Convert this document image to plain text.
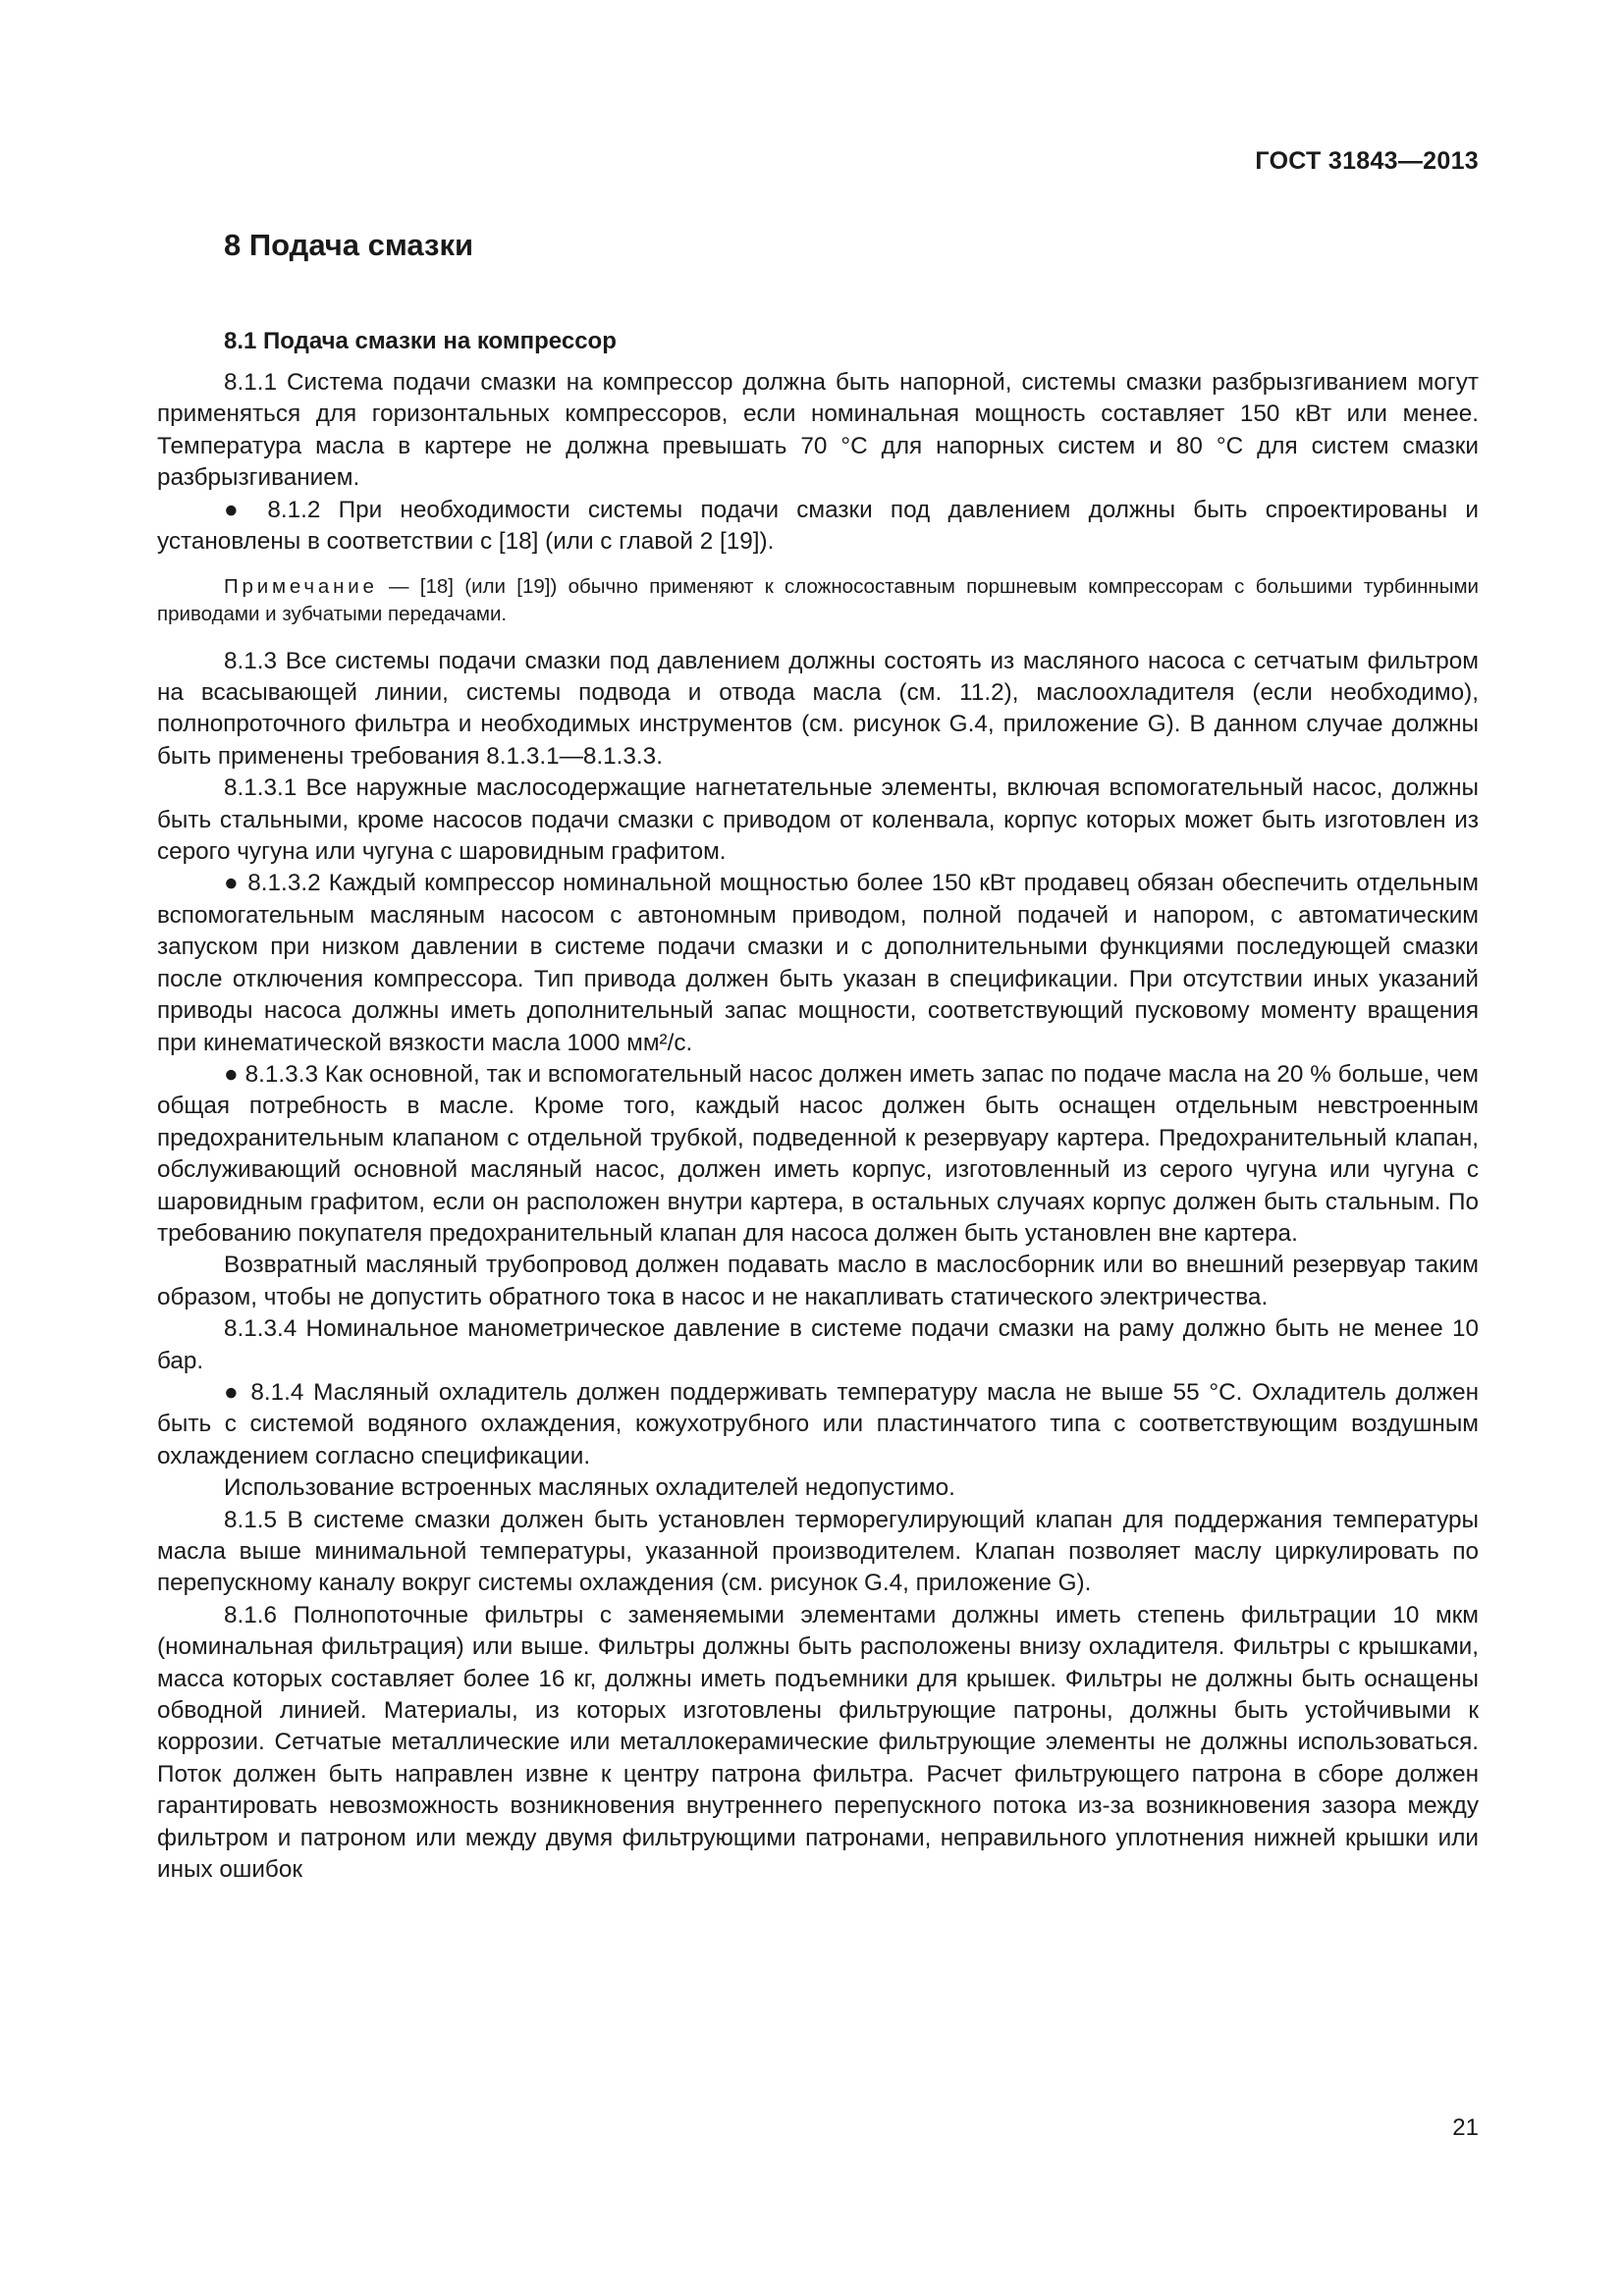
ГОСТ 31843—2013
8 Подача смазки
8.1 Подача смазки на компрессор

8.1.1 Система подачи смазки на компрессор должна быть напорной, системы смазки разбрызгиванием могут применяться для горизонтальных компрессоров, если номинальная мощность составляет 150 кВт или менее. Температура масла в картере не должна превышать 70 °С для напорных систем и 80 °С для систем смазки разбрызгиванием.

● 8.1.2 При необходимости системы подачи смазки под давлением должны быть спроектированы и установлены в соответствии с [18] (или с главой 2 [19]).

Примечание — [18] (или [19]) обычно применяют к сложносоставным поршневым компрессорам с большими турбинными приводами и зубчатыми передачами.

8.1.3 Все системы подачи смазки под давлением должны состоять из масляного насоса с сетчатым фильтром на всасывающей линии, системы подвода и отвода масла (см. 11.2), маслоохладителя (если необходимо), полнопроточного фильтра и необходимых инструментов (см. рисунок G.4, приложение G). В данном случае должны быть применены требования 8.1.3.1—8.1.3.3.

8.1.3.1 Все наружные маслосодержащие нагнетательные элементы, включая вспомогательный насос, должны быть стальными, кроме насосов подачи смазки с приводом от коленвала, корпус которых может быть изготовлен из серого чугуна или чугуна с шаровидным графитом.

● 8.1.3.2 Каждый компрессор номинальной мощностью более 150 кВт продавец обязан обеспечить отдельным вспомогательным масляным насосом с автономным приводом, полной подачей и напором, с автоматическим запуском при низком давлении в системе подачи смазки и с дополнительными функциями последующей смазки после отключения компрессора. Тип привода должен быть указан в спецификации. При отсутствии иных указаний приводы насоса должны иметь дополнительный запас мощности, соответствующий пусковому моменту вращения при кинематической вязкости масла 1000 мм²/с.

● 8.1.3.3 Как основной, так и вспомогательный насос должен иметь запас по подаче масла на 20 % больше, чем общая потребность в масле. Кроме того, каждый насос должен быть оснащен отдельным невстроенным предохранительным клапаном с отдельной трубкой, подведенной к резервуару картера. Предохранительный клапан, обслуживающий основной масляный насос, должен иметь корпус, изготовленный из серого чугуна или чугуна с шаровидным графитом, если он расположен внутри картера, в остальных случаях корпус должен быть стальным. По требованию покупателя предохранительный клапан для насоса должен быть установлен вне картера.

Возвратный масляный трубопровод должен подавать масло в маслосборник или во внешний резервуар таким образом, чтобы не допустить обратного тока в насос и не накапливать статического электричества.

8.1.3.4 Номинальное манометрическое давление в системе подачи смазки на раму должно быть не менее 10 бар.

● 8.1.4 Масляный охладитель должен поддерживать температуру масла не выше 55 °С. Охладитель должен быть с системой водяного охлаждения, кожухотрубного или пластинчатого типа с соответствующим воздушным охлаждением согласно спецификации.

Использование встроенных масляных охладителей недопустимо.

8.1.5 В системе смазки должен быть установлен терморегулирующий клапан для поддержания температуры масла выше минимальной температуры, указанной производителем. Клапан позволяет маслу циркулировать по перепускному каналу вокруг системы охлаждения (см. рисунок G.4, приложение G).

8.1.6 Полнопоточные фильтры с заменяемыми элементами должны иметь степень фильтрации 10 мкм (номинальная фильтрация) или выше. Фильтры должны быть расположены внизу охладителя. Фильтры с крышками, масса которых составляет более 16 кг, должны иметь подъемники для крышек. Фильтры не должны быть оснащены обводной линией. Материалы, из которых изготовлены фильтрующие патроны, должны быть устойчивыми к коррозии. Сетчатые металлические или металлокерамические фильтрующие элементы не должны использоваться. Поток должен быть направлен извне к центру патрона фильтра. Расчет фильтрующего патрона в сборе должен гарантировать невозможность возникновения внутреннего перепускного потока из-за возникновения зазора между фильтром и патроном или между двумя фильтрующими патронами, неправильного уплотнения нижней крышки или иных ошибок

21
